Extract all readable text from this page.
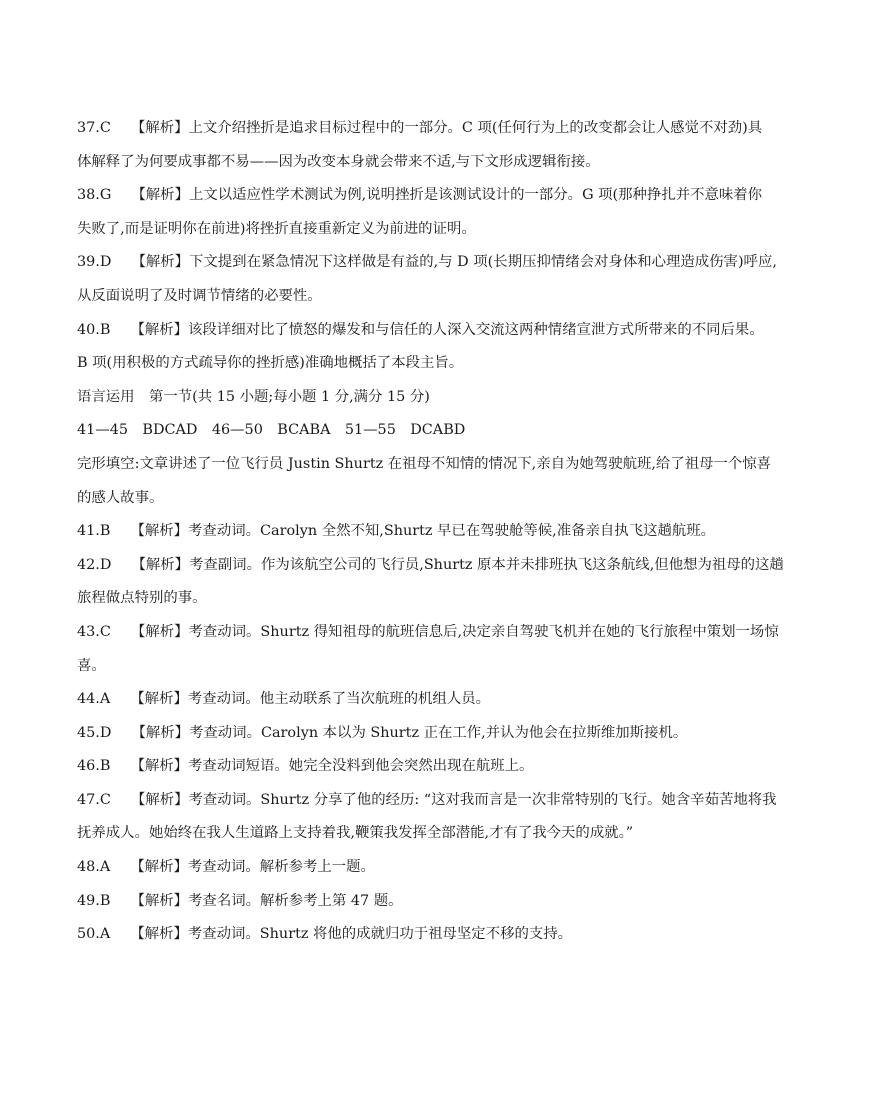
37.C 【解析】上文介绍挫折是追求目标过程中的一部分。C 项(任何行为上的改变都会让人感觉不对劲)具
体解释了为何要成事都不易——因为改变本身就会带来不适,与下文形成逻辑衔接。
38.G 【解析】上文以适应性学术测试为例,说明挫折是该测试设计的一部分。G 项(那种挣扎并不意味着你
失败了,而是证明你在前进)将挫折直接重新定义为前进的证明。
39.D 【解析】下文提到在紧急情况下这样做是有益的,与 D 项(长期压抑情绪会对身体和心理造成伤害)呼应,
从反面说明了及时调节情绪的必要性。
40.B 【解析】该段详细对比了愤怒的爆发和与信任的人深入交流这两种情绪宣泄方式所带来的不同后果。
B 项(用积极的方式疏导你的挫折感)准确地概括了本段主旨。
语言运用　第一节(共 15 小题;每小题 1 分,满分 15 分)
41—45　BDCAD　46—50　BCABA　51—55　DCABD
完形填空:文章讲述了一位飞行员 Justin Shurtz 在祖母不知情的情况下,亲自为她驾驶航班,给了祖母一个惊喜
的感人故事。
41.B 【解析】考查动词。Carolyn 全然不知,Shurtz 早已在驾驶舱等候,准备亲自执飞这趟航班。
42.D 【解析】考查副词。作为该航空公司的飞行员,Shurtz 原本并未排班执飞这条航线,但他想为祖母的这趟
旅程做点特别的事。
43.C 【解析】考查动词。Shurtz 得知祖母的航班信息后,决定亲自驾驶飞机并在她的飞行旅程中策划一场惊
喜。
44.A 【解析】考查动词。他主动联系了当次航班的机组人员。
45.D 【解析】考查动词。Carolyn 本以为 Shurtz 正在工作,并认为他会在拉斯维加斯接机。
46.B 【解析】考查动词短语。她完全没料到他会突然出现在航班上。
47.C 【解析】考查动词。Shurtz 分享了他的经历: “这对我而言是一次非常特别的飞行。她含辛茹苦地将我
抚养成人。她始终在我人生道路上支持着我,鞭策我发挥全部潜能,才有了我今天的成就。”
48.A 【解析】考查动词。解析参考上一题。
49.B 【解析】考查名词。解析参考上第 47 题。
50.A 【解析】考查动词。Shurtz 将他的成就归功于祖母坚定不移的支持。
